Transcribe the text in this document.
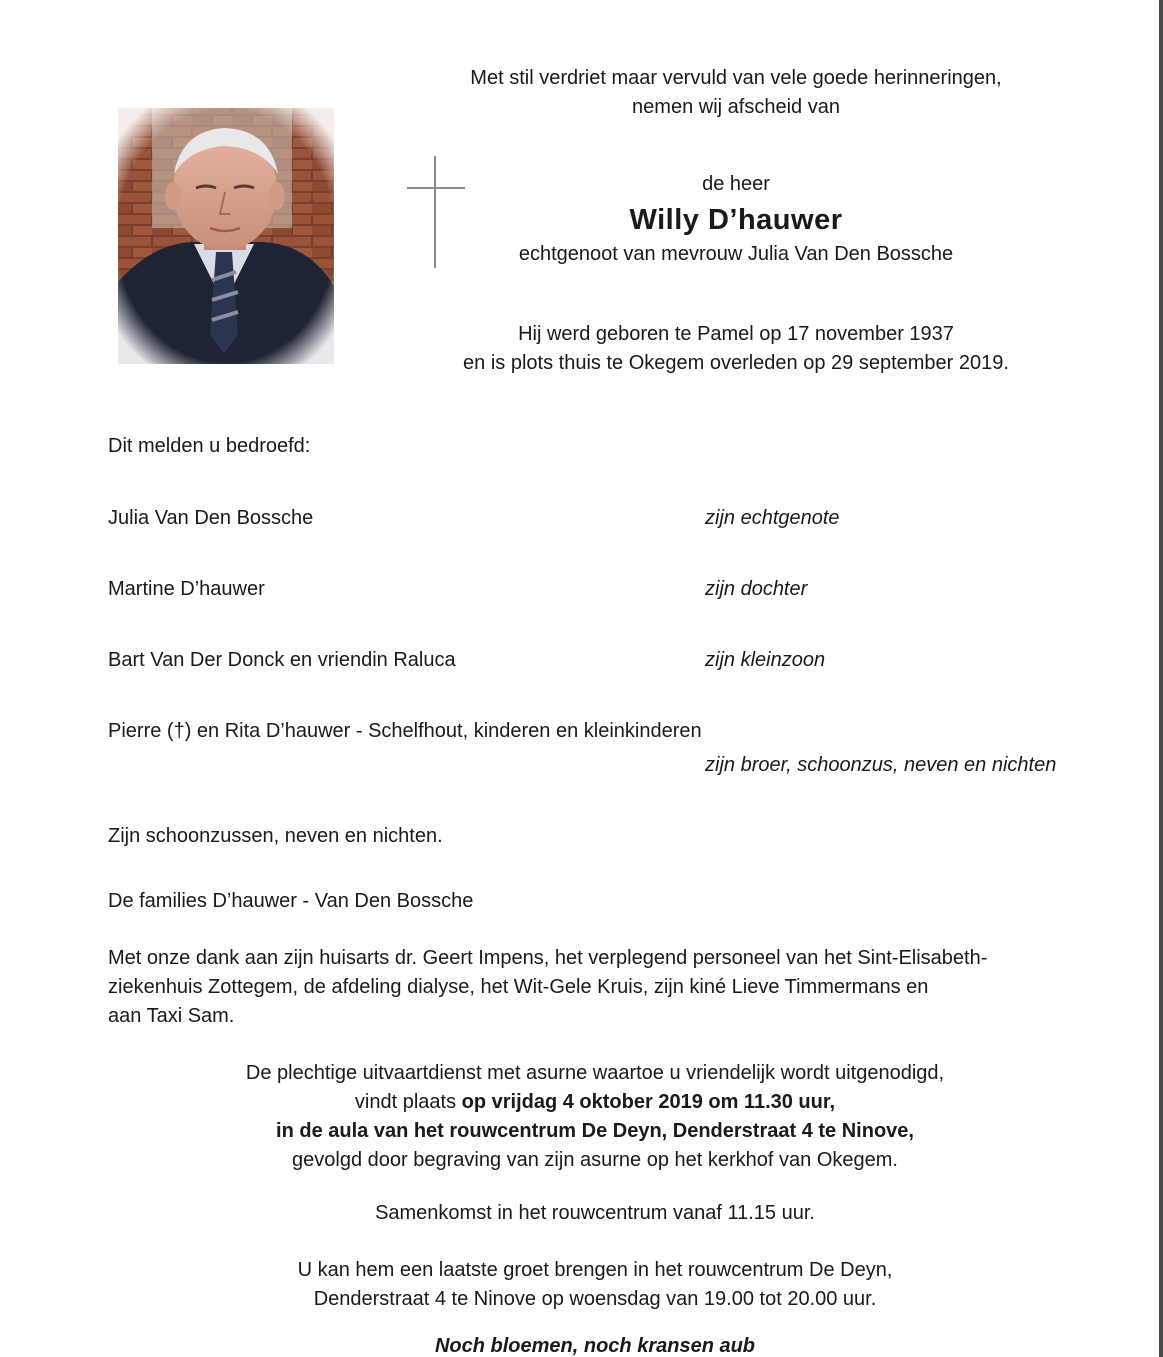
Met stil verdriet maar vervuld van vele goede herinneringen,
nemen wij afscheid van
de heer
Willy D’hauwer
echtgenoot van mevrouw Julia Van Den Bossche
Hij werd geboren te Pamel op 17 november 1937
en is plots thuis te Okegem overleden op 29 september 2019.
Dit melden u bedroefd:
Julia Van Den Bossche	zijn echtgenote
Martine D’hauwer	zijn dochter
Bart Van Der Donck en vriendin Raluca	zijn kleinzoon
Pierre (†) en Rita D’hauwer - Schelfhout, kinderen en kleinkinderen
zijn broer, schoonzus, neven en nichten
Zijn schoonzussen, neven en nichten.
De families D’hauwer - Van Den Bossche
Met onze dank aan zijn huisarts dr. Geert Impens, het verplegend personeel van het Sint-Elisabeth-
ziekenhuis Zottegem, de afdeling dialyse, het Wit-Gele Kruis, zijn kiné Lieve Timmermans en
aan Taxi Sam.
De plechtige uitvaartdienst met asurne waartoe u vriendelijk wordt uitgenodigd,
vindt plaats op vrijdag 4 oktober 2019 om 11.30 uur,
in de aula van het rouwcentrum De Deyn, Denderstraat 4 te Ninove,
gevolgd door begraving van zijn asurne op het kerkhof van Okegem.
Samenkomst in het rouwcentrum vanaf 11.15 uur.
U kan hem een laatste groet brengen in het rouwcentrum De Deyn,
Denderstraat 4 te Ninove op woensdag van 19.00 tot 20.00 uur.
Noch bloemen, noch kransen aub
